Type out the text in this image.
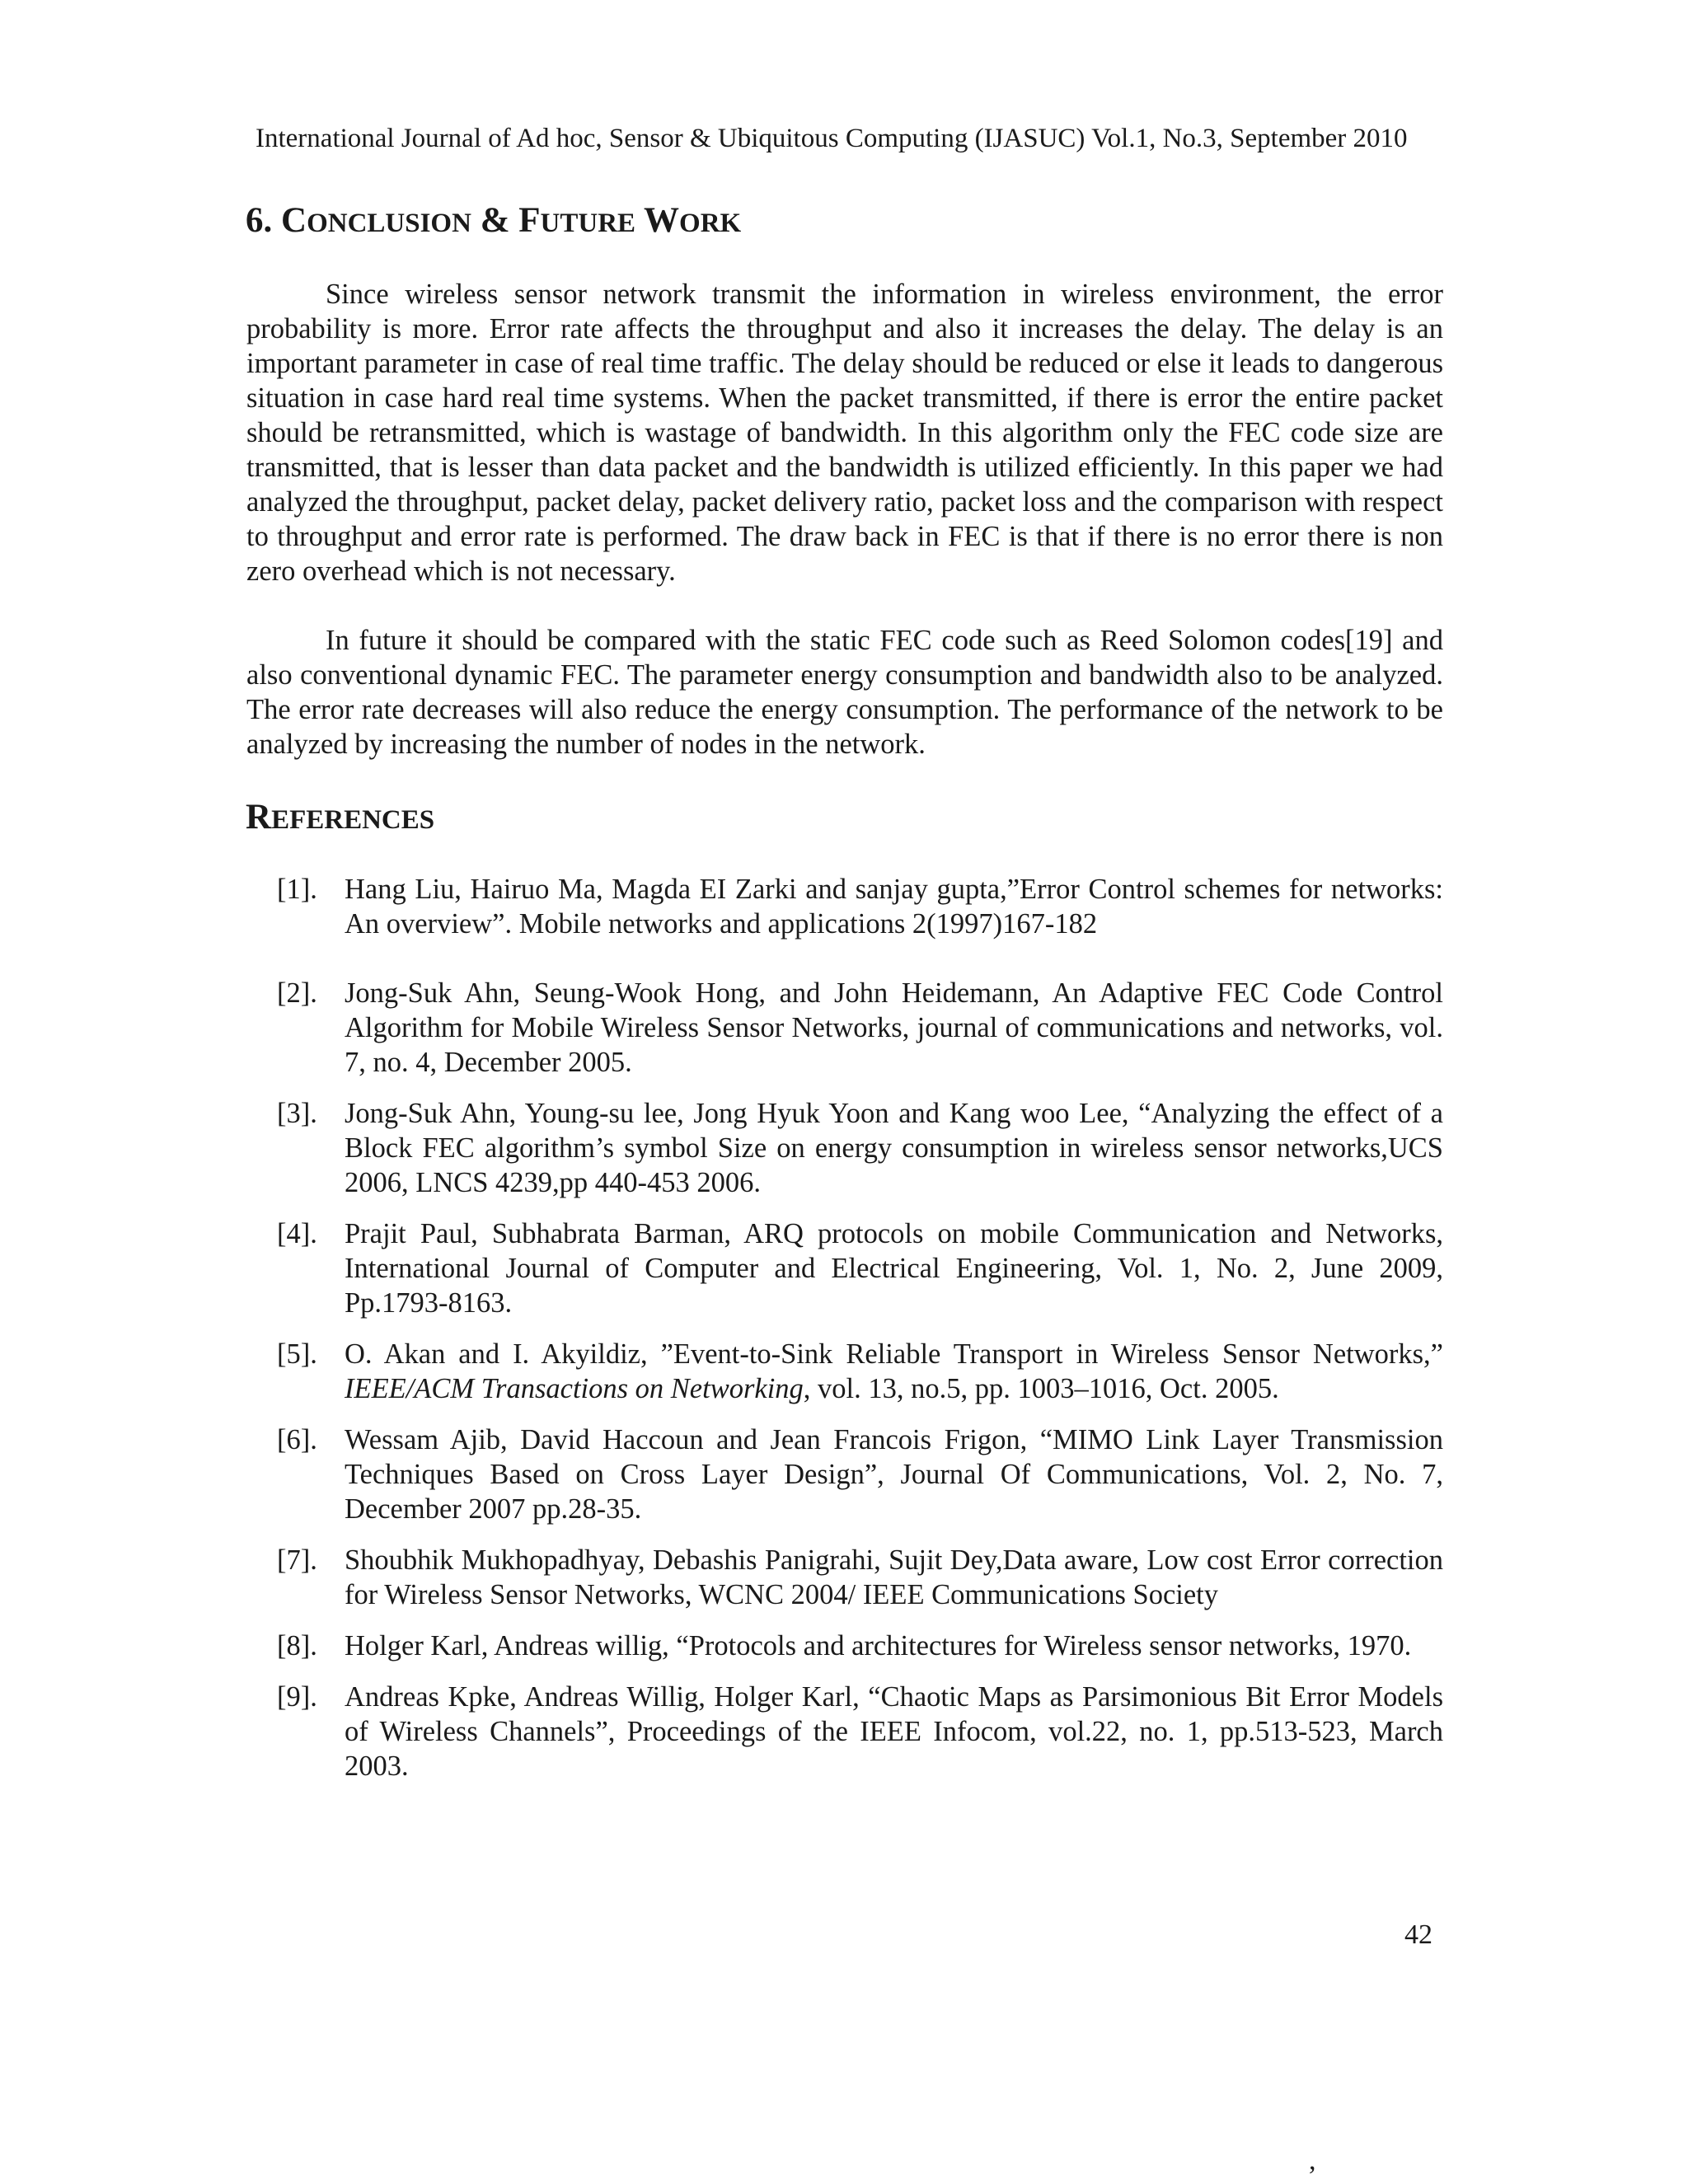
International Journal of Ad hoc, Sensor & Ubiquitous Computing (IJASUC) Vol.1, No.3, September 2010
6. CONCLUSION & FUTURE WORK

Since wireless sensor network transmit the information in wireless environment, the error probability is more. Error rate affects the throughput and also it increases the delay. The delay is an important parameter in case of real time traffic. The delay should be reduced or else it leads to dangerous situation in case hard real time systems. When the packet transmitted, if there is error the entire packet should be retransmitted, which is wastage of bandwidth. In this algorithm only the FEC code size are transmitted, that is lesser than data packet and the bandwidth is utilized efficiently. In this paper we had analyzed the throughput, packet delay, packet delivery ratio, packet loss and the comparison with respect to throughput and error rate is performed. The draw back in FEC is that if there is no error there is non zero overhead which is not necessary.

In future it should be compared with the static FEC code such as Reed Solomon codes[19] and also conventional dynamic FEC. The parameter energy consumption and bandwidth also to be analyzed. The error rate decreases will also reduce the energy consumption. The performance of the network to be analyzed by increasing the number of nodes in the network.

REFERENCES
[1]. Hang Liu, Hairuo Ma, Magda EI Zarki and sanjay gupta,”Error Control schemes for networks: An overview”. Mobile networks and applications 2(1997)167-182
[2]. Jong-Suk Ahn, Seung-Wook Hong, and John Heidemann, An Adaptive FEC Code Control Algorithm for Mobile Wireless Sensor Networks, journal of communications and networks, vol. 7, no. 4, December 2005.
[3]. Jong-Suk Ahn, Young-su lee, Jong Hyuk Yoon and Kang woo Lee, “Analyzing the effect of a Block FEC algorithm’s symbol Size on energy consumption in wireless sensor networks,UCS 2006, LNCS 4239,pp 440-453 2006.
[4]. Prajit Paul, Subhabrata Barman, ARQ protocols on mobile Communication and Networks, International Journal of Computer and Electrical Engineering, Vol. 1, No. 2, June 2009, Pp.1793-8163.
[5]. O. Akan and I. Akyildiz, ”Event-to-Sink Reliable Transport in Wireless Sensor Networks,” IEEE/ACM Transactions on Networking, vol. 13, no.5, pp. 1003–1016, Oct. 2005.
[6]. Wessam Ajib, David Haccoun and Jean Francois Frigon, “MIMO Link Layer Transmission Techniques Based on Cross Layer Design”, Journal Of Communications, Vol. 2, No. 7, December 2007 pp.28-35.
[7]. Shoubhik Mukhopadhyay, Debashis Panigrahi, Sujit Dey,Data aware, Low cost Error correction for Wireless Sensor Networks, WCNC 2004/ IEEE Communications Society
[8]. Holger Karl, Andreas willig, “Protocols and architectures for Wireless sensor networks, 1970.
[9]. Andreas Kpke, Andreas Willig, Holger Karl, “Chaotic Maps as Parsimonious Bit Error Models of Wireless Channels”, Proceedings of the IEEE Infocom, vol.22, no. 1, pp.513-523, March 2003.
42
,
